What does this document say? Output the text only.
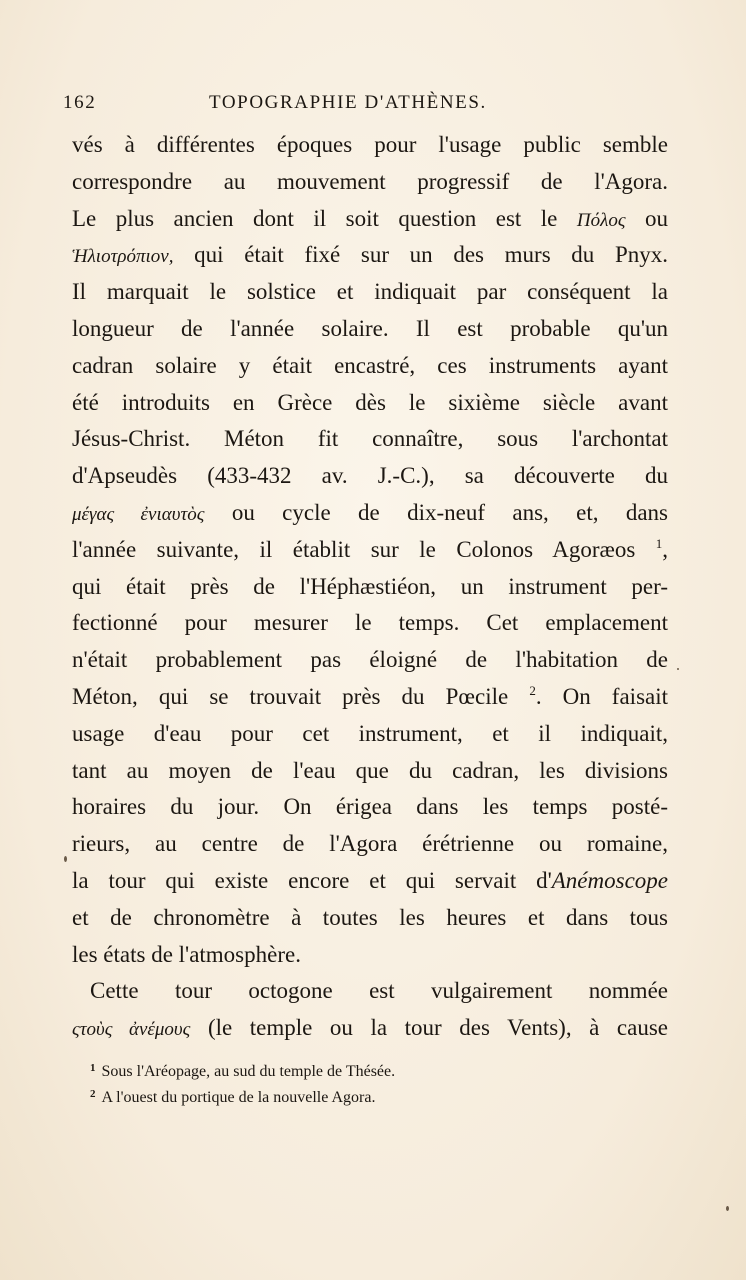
162	TOPOGRAPHIE D'ATHÈNES.
vés à différentes époques pour l'usage public semble
correspondre au mouvement progressif de l'Agora.
Le plus ancien dont il soit question est le Πόλος ou
Ἡλιοτρόπιον, qui était fixé sur un des murs du Pnyx.
Il marquait le solstice et indiquait par conséquent la
longueur de l'année solaire. Il est probable qu'un
cadran solaire y était encastré, ces instruments ayant
été introduits en Grèce dès le sixième siècle avant
Jésus-Christ. Méton fit connaître, sous l'archontat
d'Apseudès (433-432 av. J.-C.), sa découverte du
μέγας ἐνιαυτὸς ou cycle de dix-neuf ans, et, dans
l'année suivante, il établit sur le Colonos Agoræos $^1$,
qui était près de l'Héphæstiéon, un instrument per-
fectionné pour mesurer le temps. Cet emplacement
n'était probablement pas éloigné de l'habitation de
Méton, qui se trouvait près du Pœcile $^2$. On faisait
usage d'eau pour cet instrument, et il indiquait,
tant au moyen de l'eau que du cadran, les divisions
horaires du jour. On érigea dans les temps posté-
rieurs, au centre de l'Agora érétrienne ou romaine,
la tour qui existe encore et qui servait d'Anémoscope
et de chronomètre à toutes les heures et dans tous
les états de l'atmosphère.
Cette tour octogone est vulgairement nommée
ςτοὺς ἀνέμους (le temple ou la tour des Vents), à cause
$^1$ Sous l'Aréopage, au sud du temple de Thésée.
$^2$ A l'ouest du portique de la nouvelle Agora.
